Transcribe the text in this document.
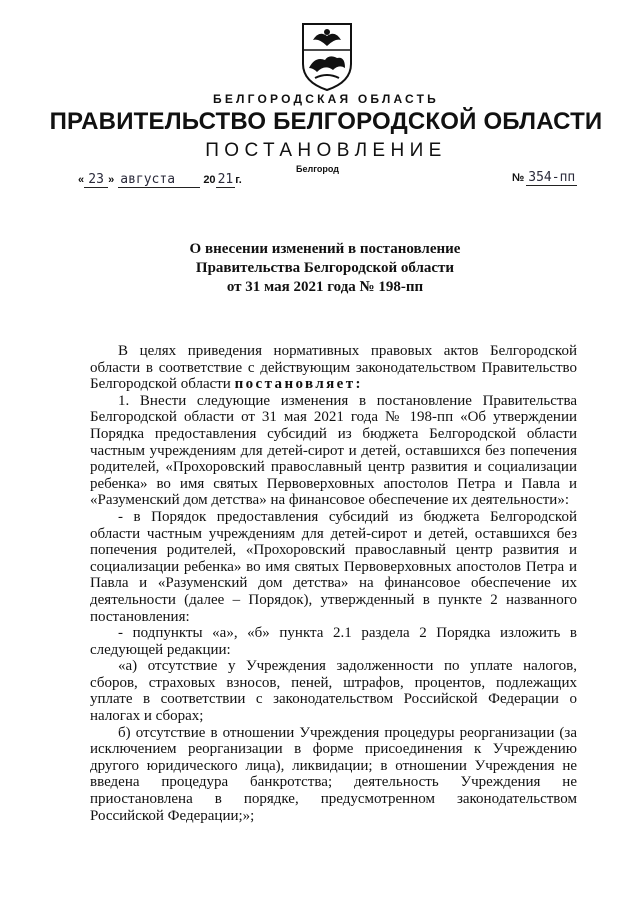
БЕЛГОРОДСКАЯ ОБЛАСТЬ
ПРАВИТЕЛЬСТВО БЕЛГОРОДСКОЙ ОБЛАСТИ
ПОСТАНОВЛЕНИЕ
Белгород
« 23 » августа	20 21 г.	№ 354-пп
О внесении изменений в постановление
Правительства Белгородской области
от 31 мая 2021 года № 198-пп

В целях приведения нормативных правовых актов Белгородской области в соответствие с действующим законодательством Правительство Белгородской области постановляет:

1. Внести следующие изменения в постановление Правительства Белгородской области от 31 мая 2021 года № 198-пп «Об утверждении Порядка предоставления субсидий из бюджета Белгородской области частным учреждениям для детей-сирот и детей, оставшихся без попечения родителей, «Прохоровский православный центр развития и социализации ребенка» во имя святых Первоверховных апостолов Петра и Павла и «Разуменский дом детства» на финансовое обеспечение их деятельности»:

- в Порядок предоставления субсидий из бюджета Белгородской области частным учреждениям для детей-сирот и детей, оставшихся без попечения родителей, «Прохоровский православный центр развития и социализации ребенка» во имя святых Первоверховных апостолов Петра и Павла и «Разуменский дом детства» на финансовое обеспечение их деятельности (далее – Порядок), утвержденный в пункте 2 названного постановления:

- подпункты «а», «б» пункта 2.1 раздела 2 Порядка изложить в следующей редакции:

«а) отсутствие у Учреждения задолженности по уплате налогов, сборов, страховых взносов, пеней, штрафов, процентов, подлежащих уплате в соответствии с законодательством Российской Федерации о налогах и сборах;

б) отсутствие в отношении Учреждения процедуры реорганизации (за исключением реорганизации в форме присоединения к Учреждению другого юридического лица), ликвидации; в отношении Учреждения не введена процедура банкротства; деятельность Учреждения не приостановлена в порядке, предусмотренном законодательством Российской Федерации;»;
